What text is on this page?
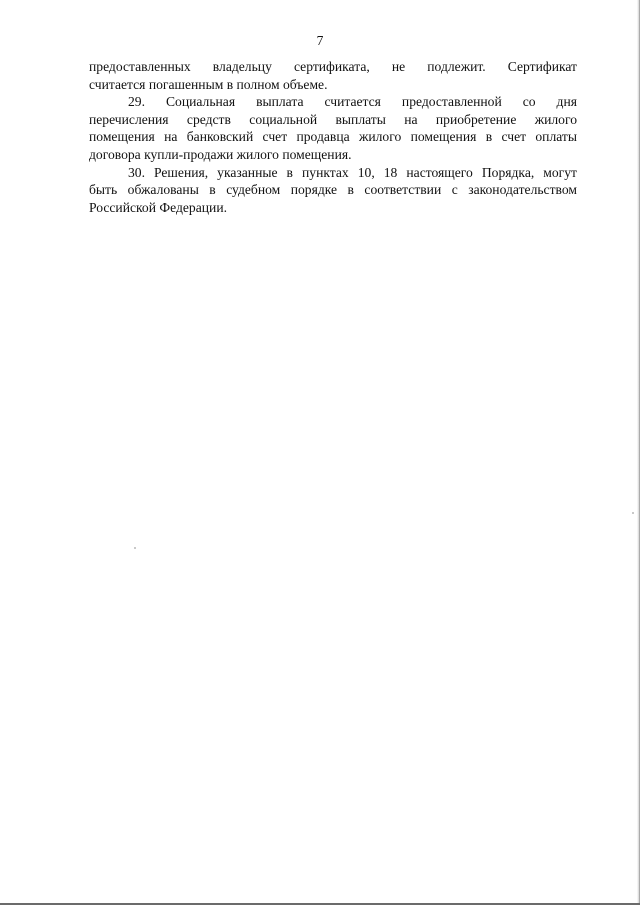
7
предоставленных владельцу сертификата, не подлежит. Сертификат
считается погашенным в полном объеме.
29. Социальная выплата считается предоставленной со дня
перечисления средств социальной выплаты на приобретение жилого
помещения на банковский счет продавца жилого помещения в счет оплаты
договора купли-продажи жилого помещения.
30. Решения, указанные в пунктах 10, 18 настоящего Порядка, могут
быть обжалованы в судебном порядке в соответствии с законодательством
Российской Федерации.
